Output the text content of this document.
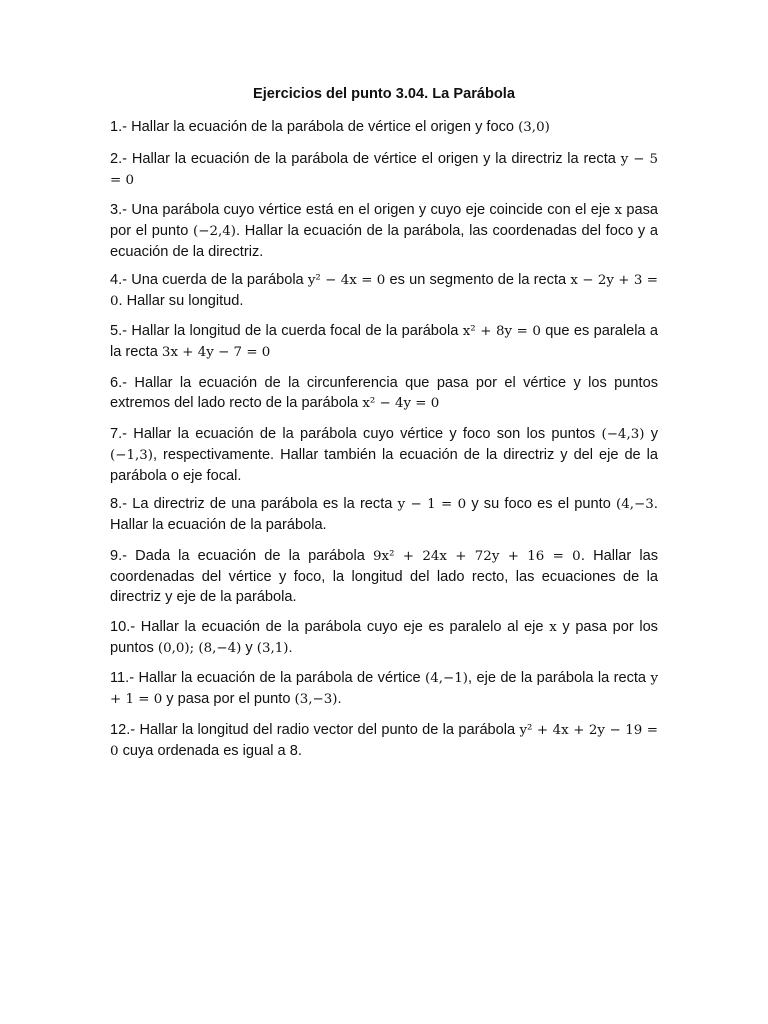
Ejercicios del punto 3.04. La Parábola

1.- Hallar la ecuación de la parábola de vértice el origen y foco (3,0)

2.- Hallar la ecuación de la parábola de vértice el origen y la directriz la recta y − 5 = 0

3.- Una parábola cuyo vértice está en el origen y cuyo eje coincide con el eje x pasa por el punto (−2,4). Hallar la ecuación de la parábola, las coordenadas del foco y a ecuación de la directriz.

4.- Una cuerda de la parábola y² − 4x = 0 es un segmento de la recta x − 2y + 3 = 0. Hallar su longitud.

5.- Hallar la longitud de la cuerda focal de la parábola x² + 8y = 0 que es paralela a la recta 3x + 4y − 7 = 0

6.- Hallar la ecuación de la circunferencia que pasa por el vértice y los puntos extremos del lado recto de la parábola x² − 4y = 0

7.- Hallar la ecuación de la parábola cuyo vértice y foco son los puntos (−4,3) y (−1,3), respectivamente. Hallar también la ecuación de la directriz y del eje de la parábola o eje focal.

8.- La directriz de una parábola es la recta y − 1 = 0 y su foco es el punto (4,−3. Hallar la ecuación de la parábola.

9.- Dada la ecuación de la parábola 9x² + 24x + 72y + 16 = 0. Hallar las coordenadas del vértice y foco, la longitud del lado recto, las ecuaciones de la directriz y eje de la parábola.

10.- Hallar la ecuación de la parábola cuyo eje es paralelo al eje x y pasa por los puntos (0,0); (8,−4) y (3,1).

11.- Hallar la ecuación de la parábola de vértice (4,−1), eje de la parábola la recta y + 1 = 0 y pasa por el punto (3,−3).

12.- Hallar la longitud del radio vector del punto de la parábola y² + 4x + 2y − 19 = 0 cuya ordenada es igual a 8.
